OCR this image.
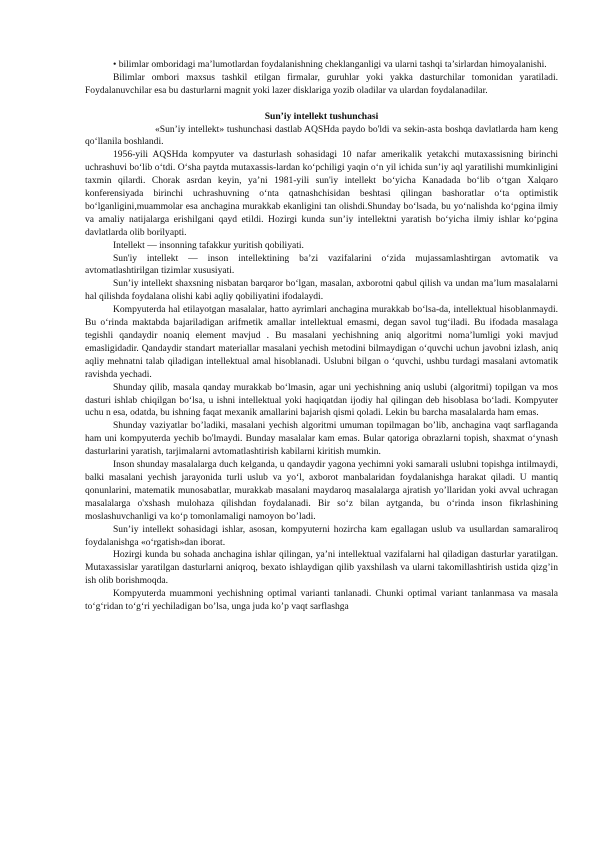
• bilimlar omboridagi ma’lumotlardan foydalanishning cheklanganligi va ularni tashqi ta’sirlardan himoyalanishi.

Bilimlar ombori maxsus tashkil etilgan firmalar, guruhlar yoki yakka dasturchilar tomonidan yaratiladi. Foydalanuvchilar esa bu dasturlarni magnit yoki lazer disklariga yozib oladilar va ulardan foydalanadilar.

Sun’iy intellekt tushunchasi

«Sun’iy intellekt» tushunchasi dastlab AQSHda paydo bo'ldi va sekin-asta boshqa davlatlarda ham keng qo‘llanila boshlandi.

1956-yili AQSHda kompyuter va dasturlash sohasidagi 10 nafar amerikalik yetakchi mutaxassisning birinchi uchrashuvi bo‘lib o‘tdi. O‘sha paytda mutaxassis-lardan ko‘pchiligi yaqin o‘n yil ichida sun’iy aql yaratilishi mumkinligini taxmin qilardi. Chorak asrdan keyin, ya’ni 1981-yili sun'iy intellekt bo‘yicha Kanadada bo‘lib o‘tgan Xalqaro konferensiyada birinchi uchrashuvning o‘nta qatnashchisidan beshtasi qilingan bashoratlar o‘ta optimistik bo‘lganligini,muammolar esa anchagina murakkab ekanligini tan olishdi.Shunday bo‘lsada, bu yo‘nalishda ko‘pgina ilmiy va amaliy natijalarga erishilgani qayd etildi. Hozirgi kunda sun’iy intellektni yaratish bo‘yicha ilmiy ishlar ko‘pgina davlatlarda olib borilyapti.

Intellekt — insonning tafakkur yuritish qobiliyati.

Sun'iy intellekt — inson intellektining ba’zi vazifalarini o‘zida mujassamlashtirgan avtomatik va avtomatlashtirilgan tizimlar xususiyati.

Sun’iy intellekt shaxsning nisbatan barqaror bo‘lgan, masalan, axborotni qabul qilish va undan ma’lum masalalarni hal qilishda foydalana olishi kabi aqliy qobiliyatini ifodalaydi.

Kompyuterda hal etilayotgan masalalar, hatto ayrimlari anchagina murakkab bo‘lsa-da, intellektual hisoblanmaydi. Bu o‘rinda maktabda bajariladigan arifmetik amallar intellektual emasmi, degan savol tug‘iladi. Bu ifodada masalaga tegishli qandaydir noaniq element mavjud . Bu masalani yechishning aniq algoritmi noma’lumligi yoki mavjud emasligidadir. Qandaydir standart materiallar masalani yechish metodini bilmaydigan o‘quvchi uchun javobni izlash, aniq aqliy mehnatni talab qiladigan intellektual amal hisoblanadi. Uslubni bilgan o ‘quvchi, ushbu turdagi masalani avtomatik ravishda yechadi.

Shunday qilib, masala qanday murakkab bo‘lmasin, agar uni yechishning aniq uslubi (algoritmi) topilgan va mos dasturi ishlab chiqilgan bo‘lsa, u ishni intellektual yoki haqiqatdan ijodiy hal qilingan deb hisoblasa bo‘ladi. Kompyuter uchu n esa, odatda, bu ishning faqat mexanik amallarini bajarish qismi qoladi. Lekin bu barcha masalalarda ham emas.

Shunday vaziyatlar bo’ladiki, masalani yechish algoritmi umuman topilmagan bo’lib, anchagina vaqt sarflaganda ham uni kompyuterda yechib bo'lmaydi. Bunday masalalar kam emas. Bular qatoriga obrazlarni topish, shaxmat o‘ynash dasturlarini yaratish, tarjimalarni avtomatlashtirish kabilarni kiritish mumkin.

Inson shunday masalalarga duch kelganda, u qandaydir yagona yechimni yoki samarali uslubni topishga intilmaydi, balki masalani yechish jarayonida turli uslub va yo‘l, axborot manbalaridan foydalanishga harakat qiladi. U mantiq qonunlarini, matematik munosabatlar, murakkab masalani maydaroq masalalarga ajratish yo’llaridan yoki avval uchragan masalalarga o'xshash mulohaza qilishdan foydalanadi. Bir so‘z bilan aytganda, bu o‘rinda inson fikrlashining moslashuvchanligi va ko‘p tomonlamaligi namoyon bo’ladi.

Sun’iy intellekt sohasidagi ishlar, asosan, kompyuterni hozircha kam egallagan uslub va usullardan samaraliroq foydalanishga «o‘rgatish»dan iborat.

Hozirgi kunda bu sohada anchagina ishlar qilingan, ya’ni intellektual vazifalarni hal qiladigan dasturlar yaratilgan. Mutaxassislar yaratilgan dasturlarni aniqroq, bexato ishlaydigan qilib yaxshilash va ularni takomillashtirish ustida qizg’in ish olib borishmoqda.

Kompyuterda muammoni yechishning optimal varianti tanlanadi. Chunki optimal variant tanlanmasa va masala to‘g‘ridan to‘g‘ri yechiladigan bo’lsa, unga juda ko’p vaqt sarflashga
